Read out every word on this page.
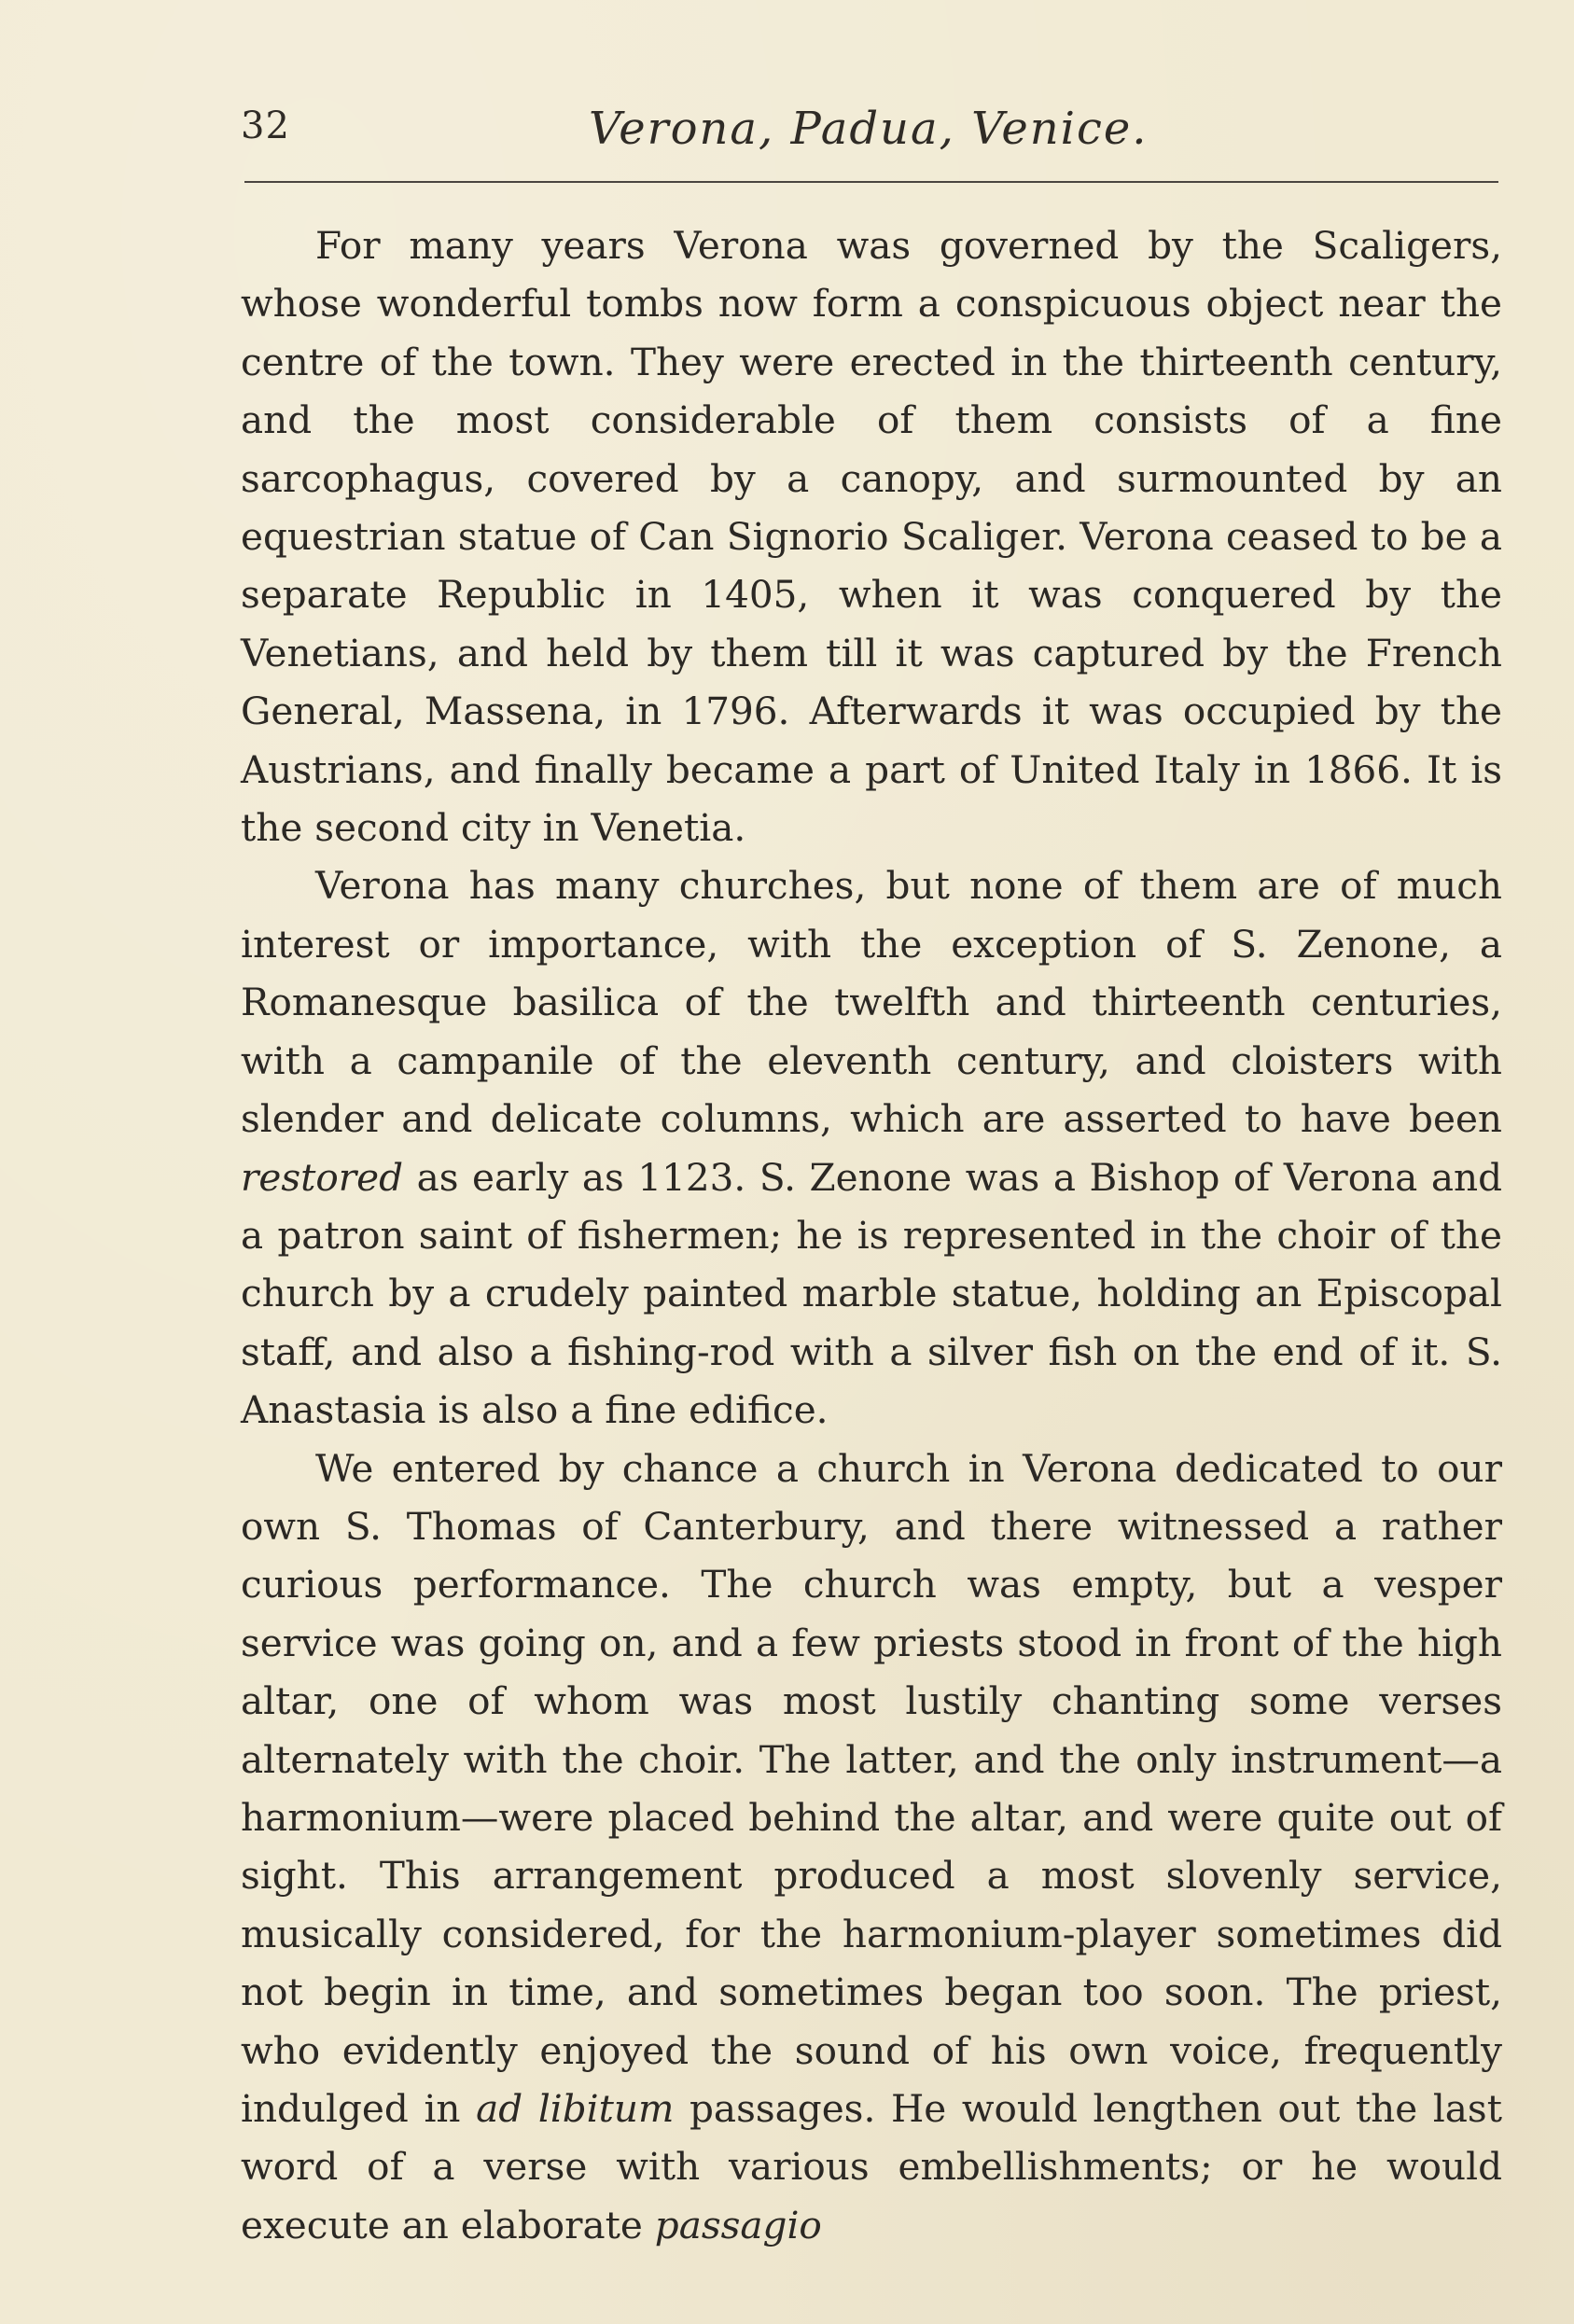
32	Verona, Padua, Venice.

For many years Verona was governed by the Scaligers, whose wonderful tombs now form a conspicuous object near the centre of the town. They were erected in the thirteenth century, and the most considerable of them consists of a fine sarcophagus, covered by a canopy, and surmounted by an equestrian statue of Can Signorio Scaliger. Verona ceased to be a separate Republic in 1405, when it was conquered by the Venetians, and held by them till it was captured by the French General, Massena, in 1796. Afterwards it was occupied by the Austrians, and finally became a part of United Italy in 1866. It is the second city in Venetia.

Verona has many churches, but none of them are of much interest or importance, with the exception of S. Zenone, a Romanesque basilica of the twelfth and thirteenth centuries, with a campanile of the eleventh century, and cloisters with slender and delicate columns, which are asserted to have been restored as early as 1123. S. Zenone was a Bishop of Verona and a patron saint of fishermen; he is represented in the choir of the church by a crudely painted marble statue, holding an Episcopal staff, and also a fishing-rod with a silver fish on the end of it. S. Anastasia is also a fine edifice.

We entered by chance a church in Verona dedicated to our own S. Thomas of Canterbury, and there witnessed a rather curious performance. The church was empty, but a vesper service was going on, and a few priests stood in front of the high altar, one of whom was most lustily chanting some verses alternately with the choir. The latter, and the only instrument—a harmonium—were placed behind the altar, and were quite out of sight. This arrangement produced a most slovenly service, musically considered, for the harmonium-player sometimes did not begin in time, and sometimes began too soon. The priest, who evidently enjoyed the sound of his own voice, frequently indulged in ad libitum passages. He would lengthen out the last word of a verse with various embellishments; or he would execute an elaborate passagio
